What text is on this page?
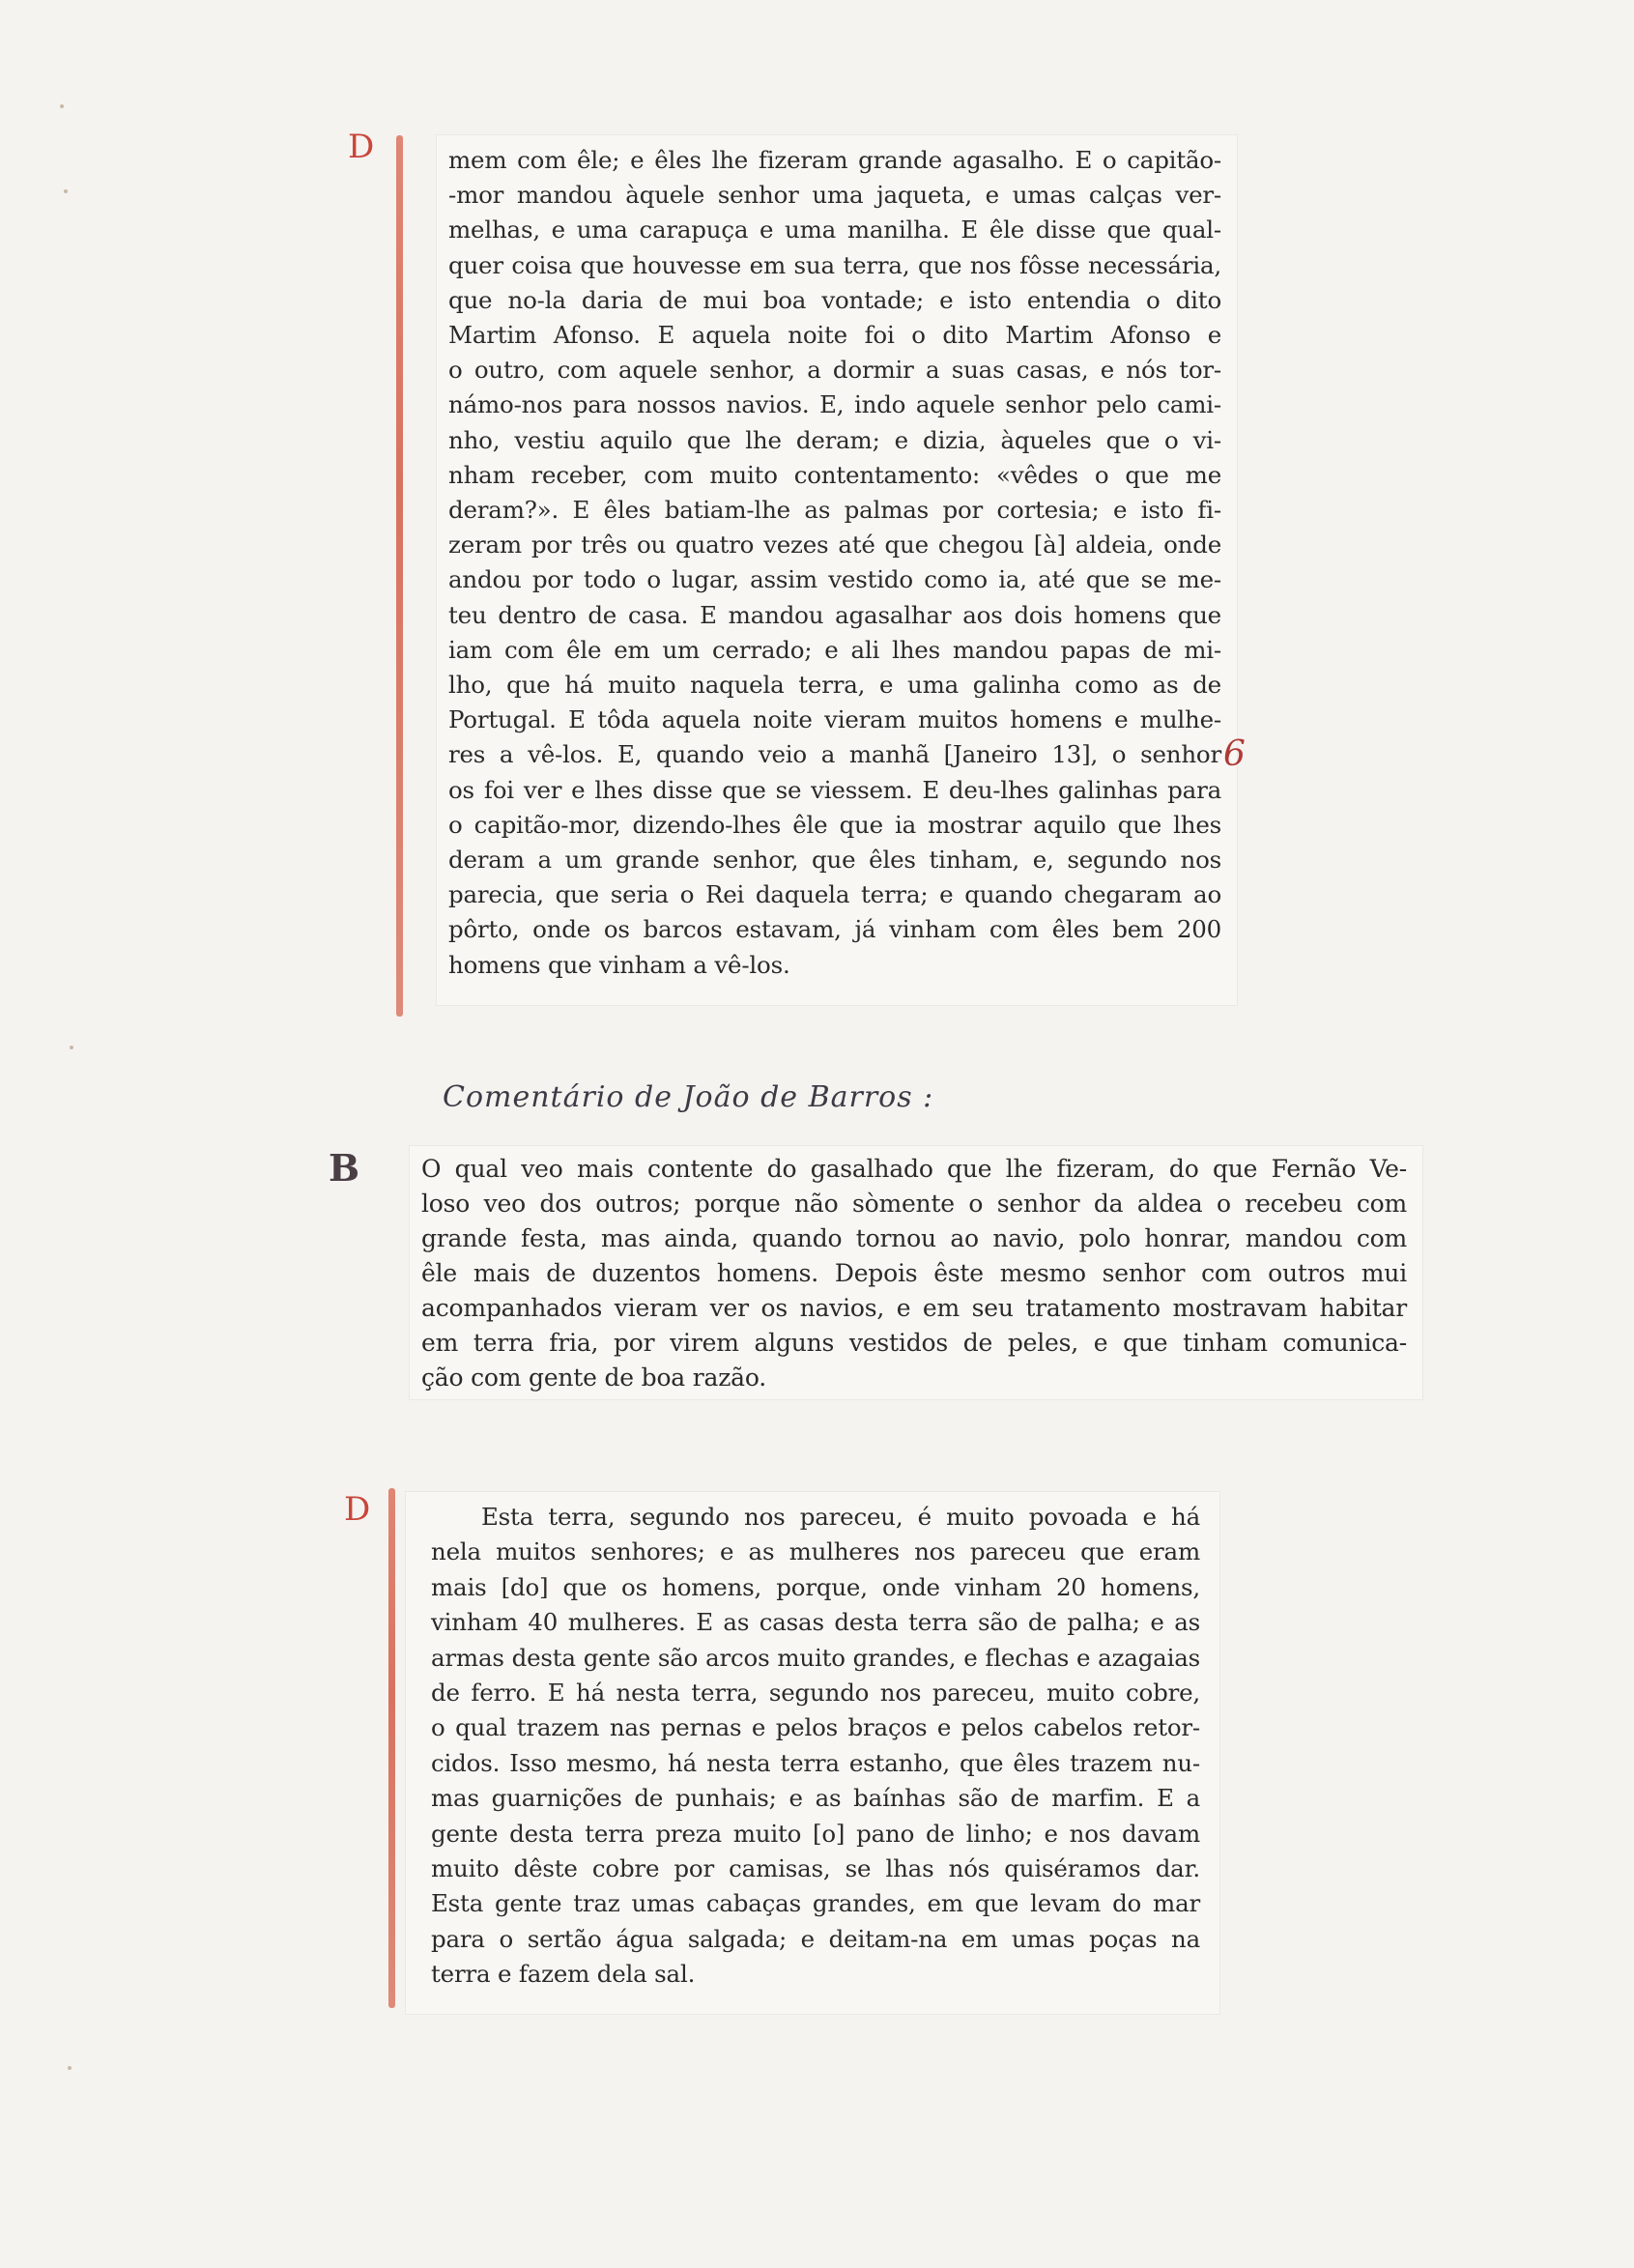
D	mem com êle; e êles lhe fizeram grande agasalho. E o capitão-

-mor mandou àquele senhor uma jaqueta, e umas calças ver-

melhas, e uma carapuça e uma manilha. E êle disse que qual-

quer coisa que houvesse em sua terra, que nos fôsse necessária,

que no-la daria de mui boa vontade; e isto entendia o dito

Martim Afonso. E aquela noite foi o dito Martim Afonso e

o outro, com aquele senhor, a dormir a suas casas, e nós tor-

námo-nos para nossos navios. E, indo aquele senhor pelo cami-

nho, vestiu aquilo que lhe deram; e dizia, àqueles que o vi-

nham receber, com muito contentamento: «vêdes o que me

deram?». E êles batiam-lhe as palmas por cortesia; e isto fi-

zeram por três ou quatro vezes até que chegou [à] aldeia, onde

andou por todo o lugar, assim vestido como ia, até que se me-

teu dentro de casa. E mandou agasalhar aos dois homens que

iam com êle em um cerrado; e ali lhes mandou papas de mi-

lho, que há muito naquela terra, e uma galinha como as de

Portugal. E tôda aquela noite vieram muitos homens e mulhe-

res a vê-los. E, quando veio a manhã [Janeiro 13], o senhor

os foi ver e lhes disse que se viessem. E deu-lhes galinhas para

o capitão-mor, dizendo-lhes êle que ia mostrar aquilo que lhes

deram a um grande senhor, que êles tinham, e, segundo nos

parecia, que seria o Rei daquela terra; e quando chegaram ao

pôrto, onde os barcos estavam, já vinham com êles bem 200

homens que vinham a vê-los.

6
Comentário de João de Barros :
B	O qual veo mais contente do gasalhado que lhe fizeram, do que Fernão Ve-

loso veo dos outros; porque não sòmente o senhor da aldea o recebeu com

grande festa, mas ainda, quando tornou ao navio, polo honrar, mandou com

êle mais de duzentos homens. Depois êste mesmo senhor com outros mui

acompanhados vieram ver os navios, e em seu tratamento mostravam habitar

em terra fria, por virem alguns vestidos de peles, e que tinham comunica-

ção com gente de boa razão.

D	Esta terra, segundo nos pareceu, é muito povoada e há

nela muitos senhores; e as mulheres nos pareceu que eram

mais [do] que os homens, porque, onde vinham 20 homens,

vinham 40 mulheres. E as casas desta terra são de palha; e as

armas desta gente são arcos muito grandes, e flechas e azagaias

de ferro. E há nesta terra, segundo nos pareceu, muito cobre,

o qual trazem nas pernas e pelos braços e pelos cabelos retor-

cidos. Isso mesmo, há nesta terra estanho, que êles trazem nu-

mas guarnições de punhais; e as baínhas são de marfim. E a

gente desta terra preza muito [o] pano de linho; e nos davam

muito dêste cobre por camisas, se lhas nós quiséramos dar.

Esta gente traz umas cabaças grandes, em que levam do mar

para o sertão água salgada; e deitam-na em umas poças na

terra e fazem dela sal.
